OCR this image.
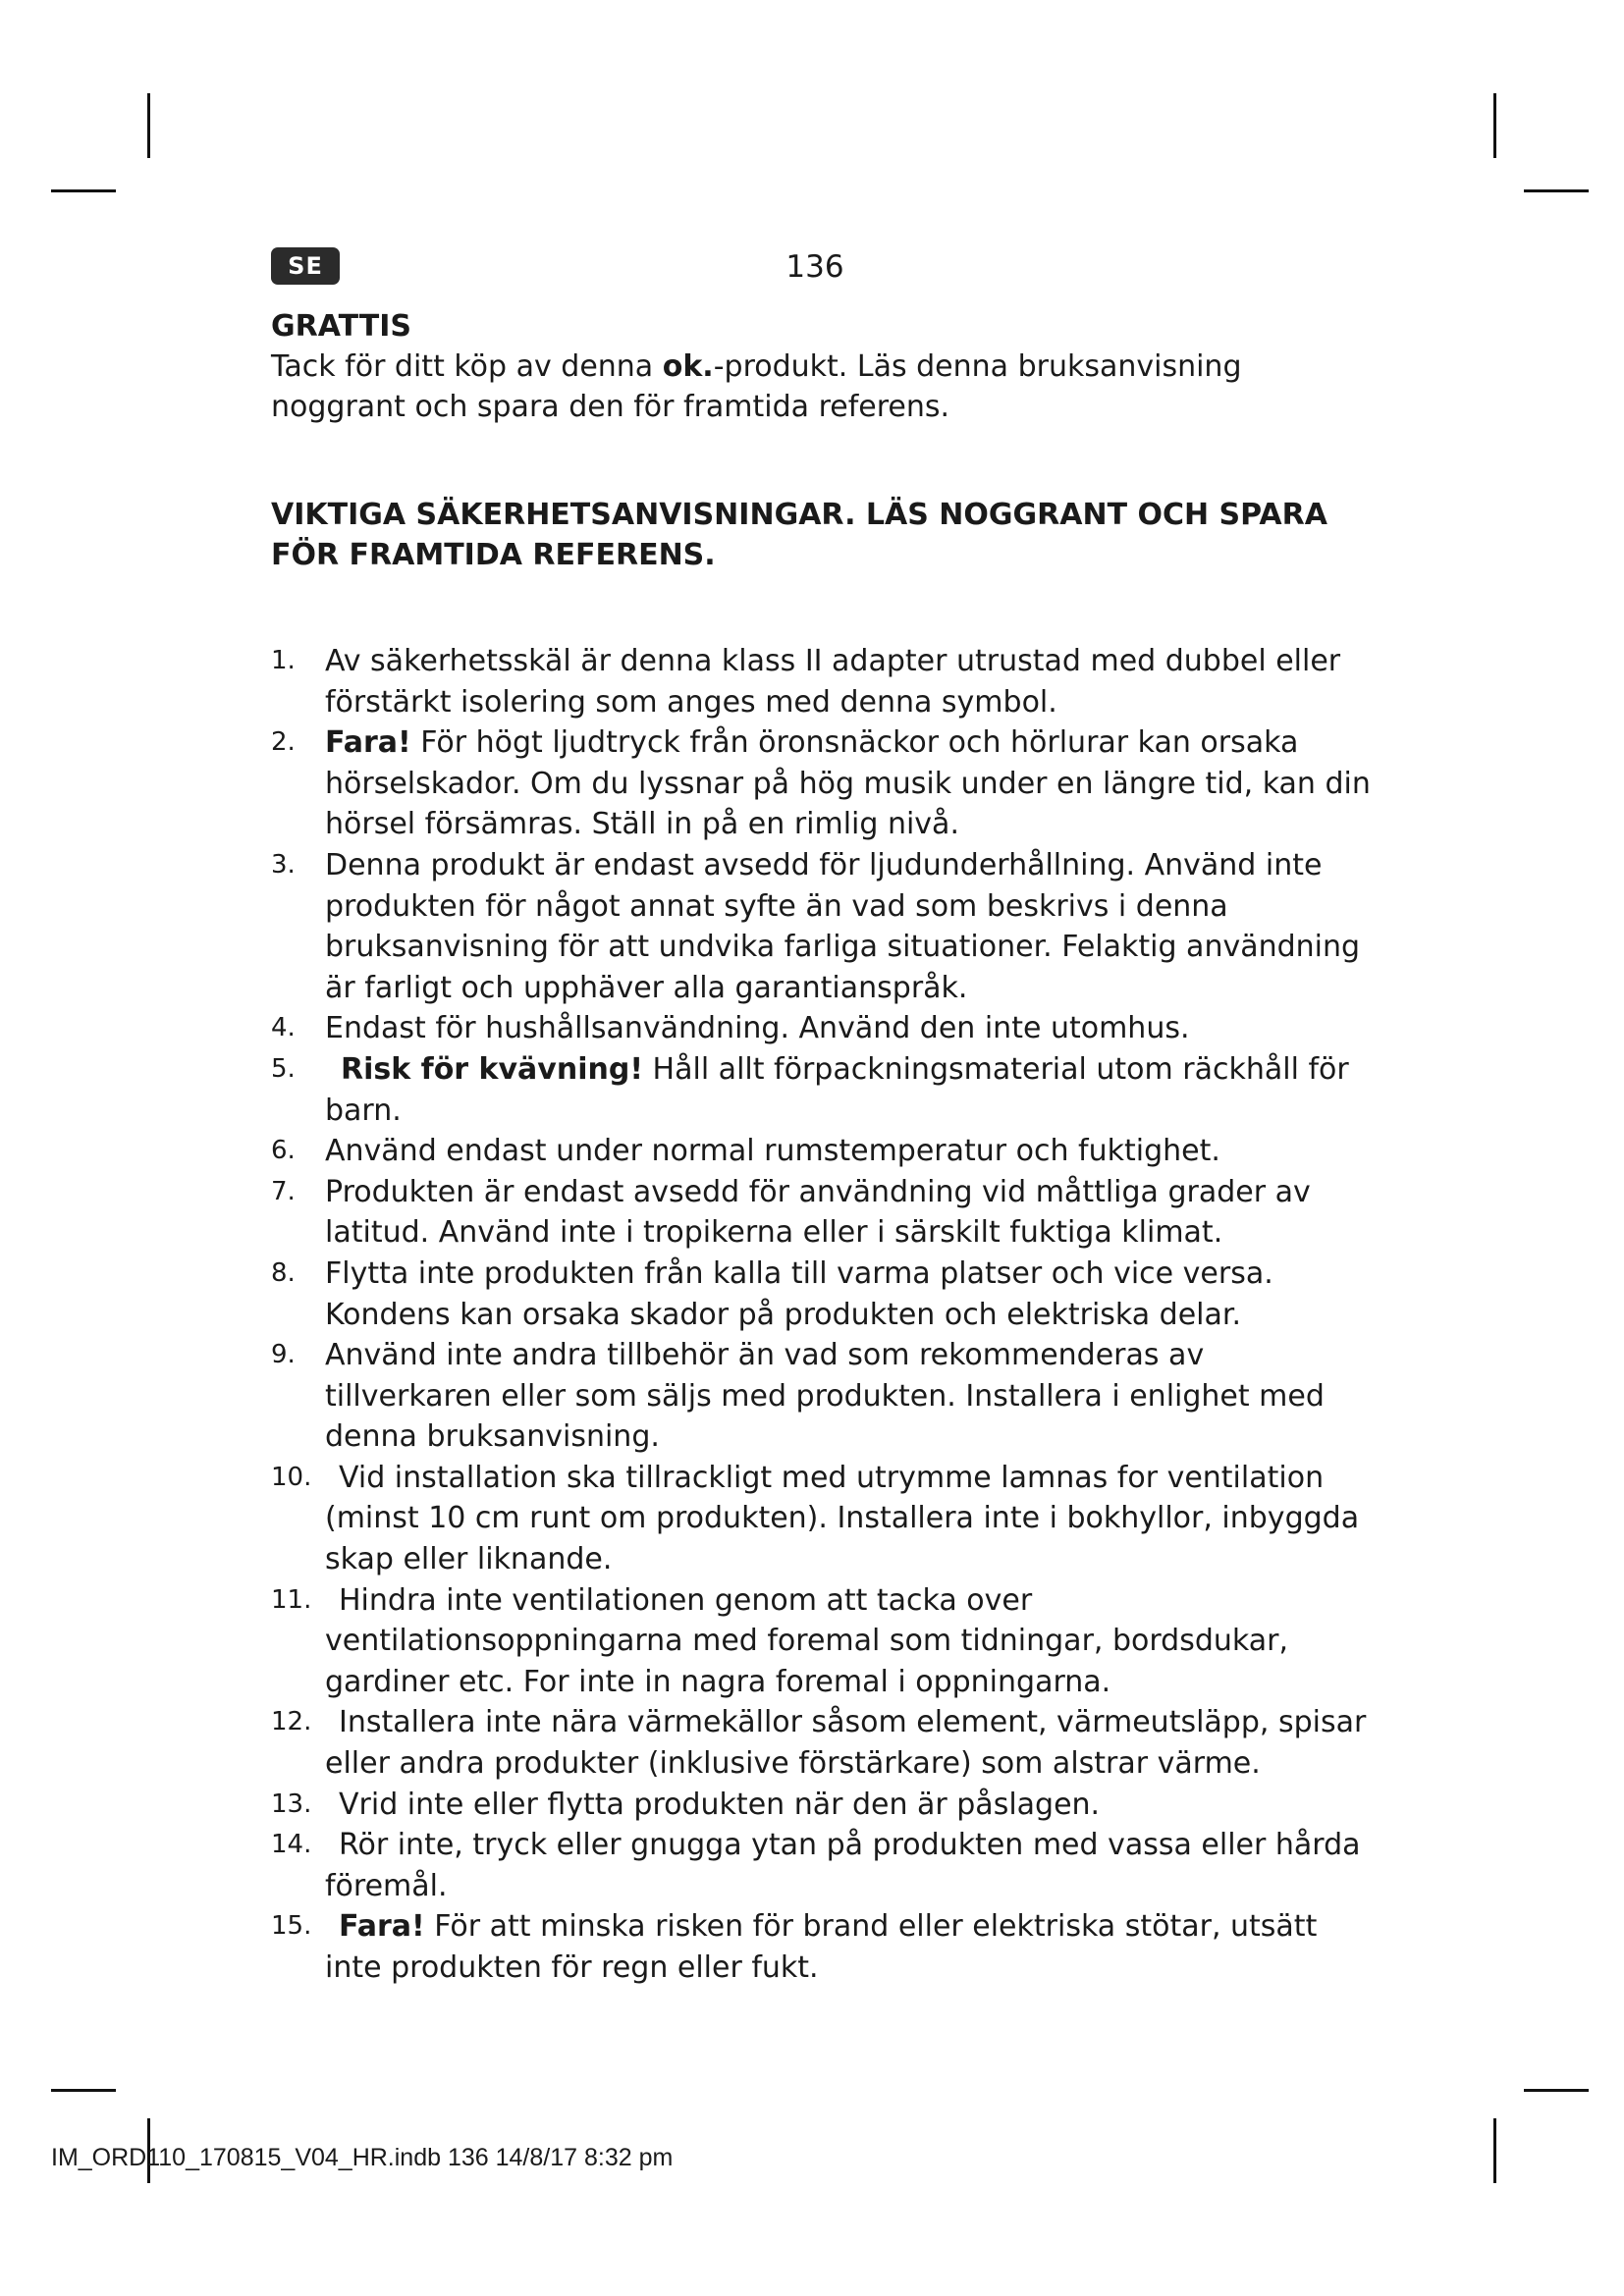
SE	136
GRATTIS

Tack för ditt köp av denna ok.-produkt. Läs denna bruksanvisning noggrant och spara den för framtida referens.

VIKTIGA SÄKERHETSANVISNINGAR. LÄS NOGGRANT OCH SPARA FÖR FRAMTIDA REFERENS.
1.	Av säkerhetsskäl är denna klass II adapter utrustad med dubbel eller förstärkt isolering som anges med denna symbol.
2.	Fara! För högt ljudtryck från öronsnäckor och hörlurar kan orsaka hörselskador. Om du lyssnar på hög musik under en längre tid, kan din hörsel försämras. Ställ in på en rimlig nivå.
3.	Denna produkt är endast avsedd för ljudunderhållning. Använd inte produkten för något annat syfte än vad som beskrivs i denna bruksanvisning för att undvika farliga situationer. Felaktig användning är farligt och upphäver alla garantianspråk.
4.	Endast för hushållsanvändning. Använd den inte utomhus.
5.	Risk för kvävning! Håll allt förpackningsmaterial utom räckhåll för barn.
6.	Använd endast under normal rumstemperatur och fuktighet.
7.	Produkten är endast avsedd för användning vid måttliga grader av latitud. Använd inte i tropikerna eller i särskilt fuktiga klimat.
8.	Flytta inte produkten från kalla till varma platser och vice versa. Kondens kan orsaka skador på produkten och elektriska delar.
9.	Använd inte andra tillbehör än vad som rekommenderas av tillverkaren eller som säljs med produkten. Installera i enlighet med denna bruksanvisning.
10. Vid installation ska tillrackligt med utrymme lamnas for ventilation (minst 10 cm runt om produkten). Installera inte i bokhyllor, inbyggda skap eller liknande.
11. Hindra inte ventilationen genom att tacka over ventilationsoppningarna med foremal som tidningar, bordsdukar, gardiner etc. For inte in nagra foremal i oppningarna.
12. Installera inte nära värmekällor såsom element, värmeutsläpp, spisar eller andra produkter (inklusive förstärkare) som alstrar värme.
13. Vrid inte eller flytta produkten när den är påslagen.
14. Rör inte, tryck eller gnugga ytan på produkten med vassa eller hårda föremål.
15. Fara! För att minska risken för brand eller elektriska stötar, utsätt inte produkten för regn eller fukt.
IM_ORD110_170815_V04_HR.indb 136 14/8/17 8:32 pm
